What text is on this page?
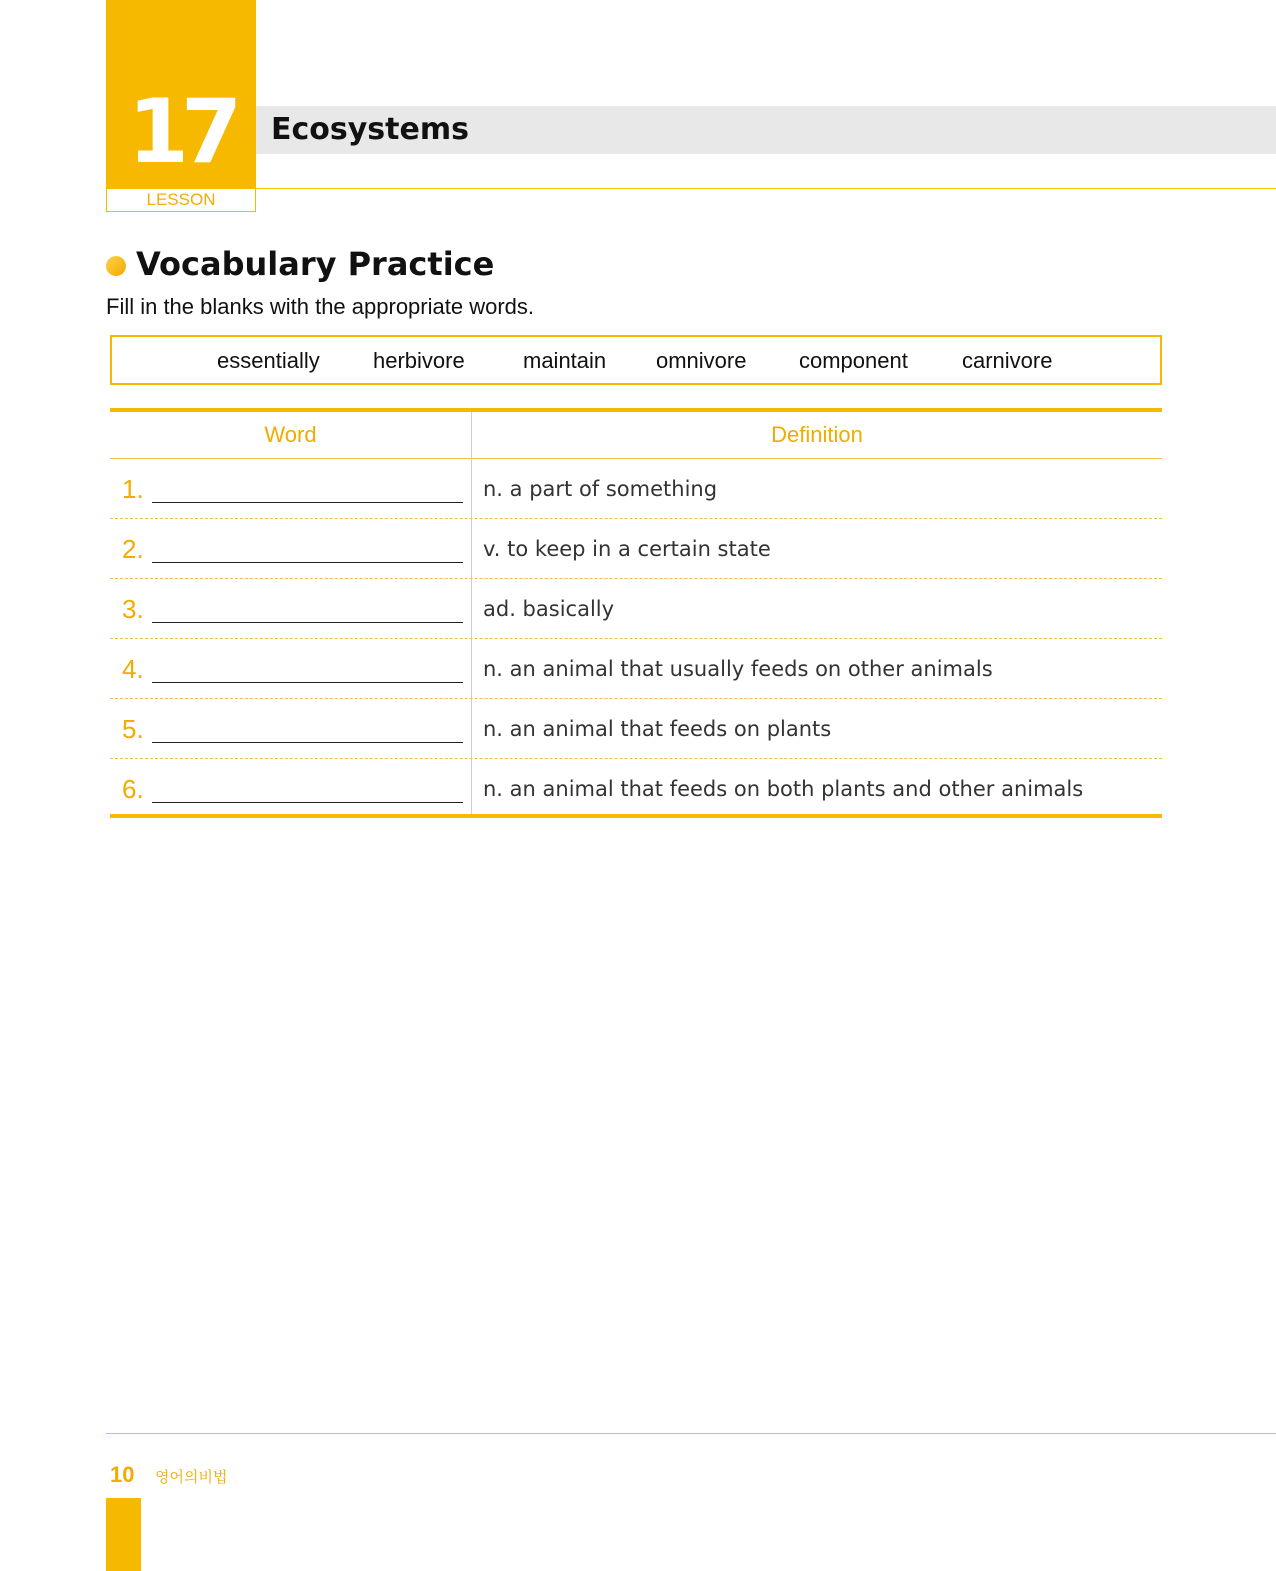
17
LESSON
Ecosystems
Vocabulary Practice
Fill in the blanks with the appropriate words.
essentially herbivore	maintain omnivore component carnivore
Word	Definition
1.	n. a part of something
2.	v. to keep in a certain state
3.	ad. basically
4.	n. an animal that usually feeds on other animals
5.	n. an animal that feeds on plants
6.	n. an animal that feeds on both plants and other animals
10 영어의비법
